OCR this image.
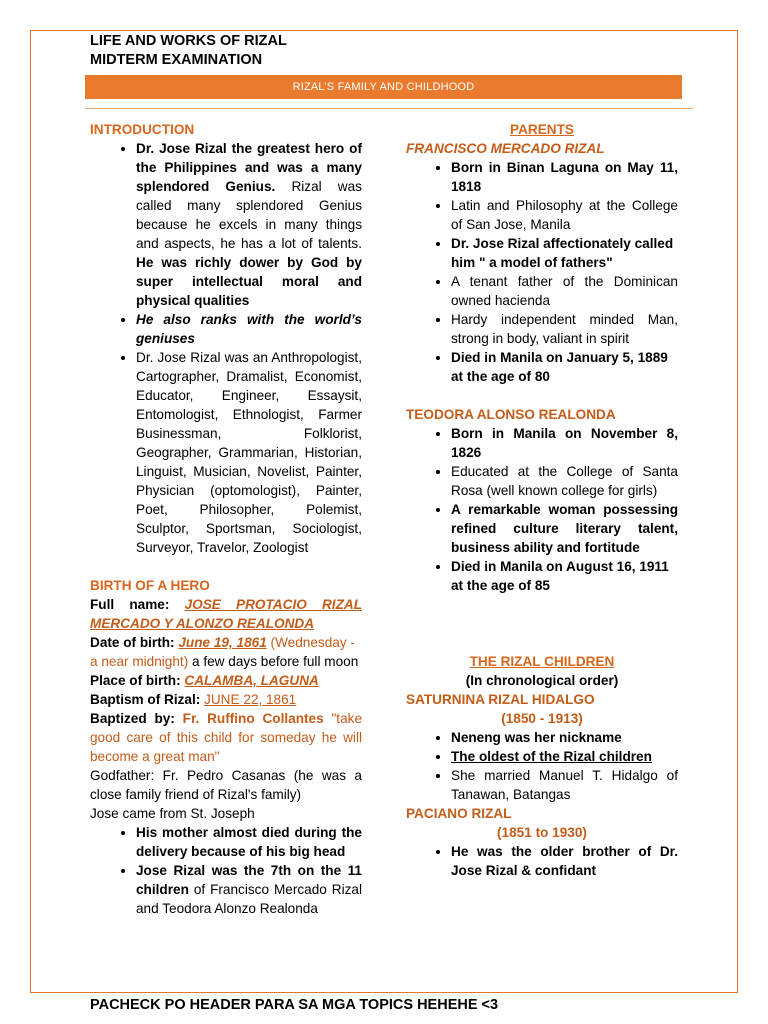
LIFE AND WORKS OF RIZAL
MIDTERM EXAMINATION
RIZAL’S FAMILY AND CHILDHOOD
INTRODUCTION
• Dr. Jose Rizal the greatest hero of the Philippines and was a many splendored Genius. Rizal was called many splendored Genius because he excels in many things and aspects, he has a lot of talents. He was richly dower by God by super intellectual moral and physical qualities
• He also ranks with the world’s geniuses
• Dr. Jose Rizal was an Anthropologist, Cartographer, Dramalist, Economist, Educator, Engineer, Essaysit, Entomologist, Ethnologist, Farmer Businessman, Folklorist, Geographer, Grammarian, Historian, Linguist, Musician, Novelist, Painter, Physician (optomologist), Painter, Poet, Philosopher, Polemist, Sculptor, Sportsman, Sociologist, Surveyor, Travelor, Zoologist
BIRTH OF A HERO
Full name: JOSE PROTACIO RIZAL MERCADO Y ALONZO REALONDA
Date of birth: June 19, 1861 (Wednesday - a near midnight) a few days before full moon
Place of birth: CALAMBA, LAGUNA
Baptism of Rizal: JUNE 22, 1861
Baptized by: Fr. Ruffino Collantes "take good care of this child for someday he will become a great man"
Godfather: Fr. Pedro Casanas (he was a close family friend of Rizal's family)
Jose came from St. Joseph
• His mother almost died during the delivery because of his big head
• Jose Rizal was the 7th on the 11 children of Francisco Mercado Rizal and Teodora Alonzo Realonda
PARENTS
FRANCISCO MERCADO RIZAL
• Born in Binan Laguna on May 11, 1818
• Latin and Philosophy at the College of San Jose, Manila
• Dr. Jose Rizal affectionately called him " a model of fathers"
• A tenant father of the Dominican owned hacienda
• Hardy independent minded Man, strong in body, valiant in spirit
• Died in Manila on January 5, 1889 at the age of 80
TEODORA ALONSO REALONDA
• Born in Manila on November 8, 1826
• Educated at the College of Santa Rosa (well known college for girls)
• A remarkable woman possessing refined culture literary talent, business ability and fortitude
• Died in Manila on August 16, 1911 at the age of 85
THE RIZAL CHILDREN
(In chronological order)
SATURNINA RIZAL HIDALGO
(1850 - 1913)
• Neneng was her nickname
• The oldest of the Rizal children
• She married Manuel T. Hidalgo of Tanawan, Batangas
PACIANO RIZAL
(1851 to 1930)
• He was the older brother of Dr. Jose Rizal & confidant
PACHECK PO HEADER PARA SA MGA TOPICS HEHEHE <3
